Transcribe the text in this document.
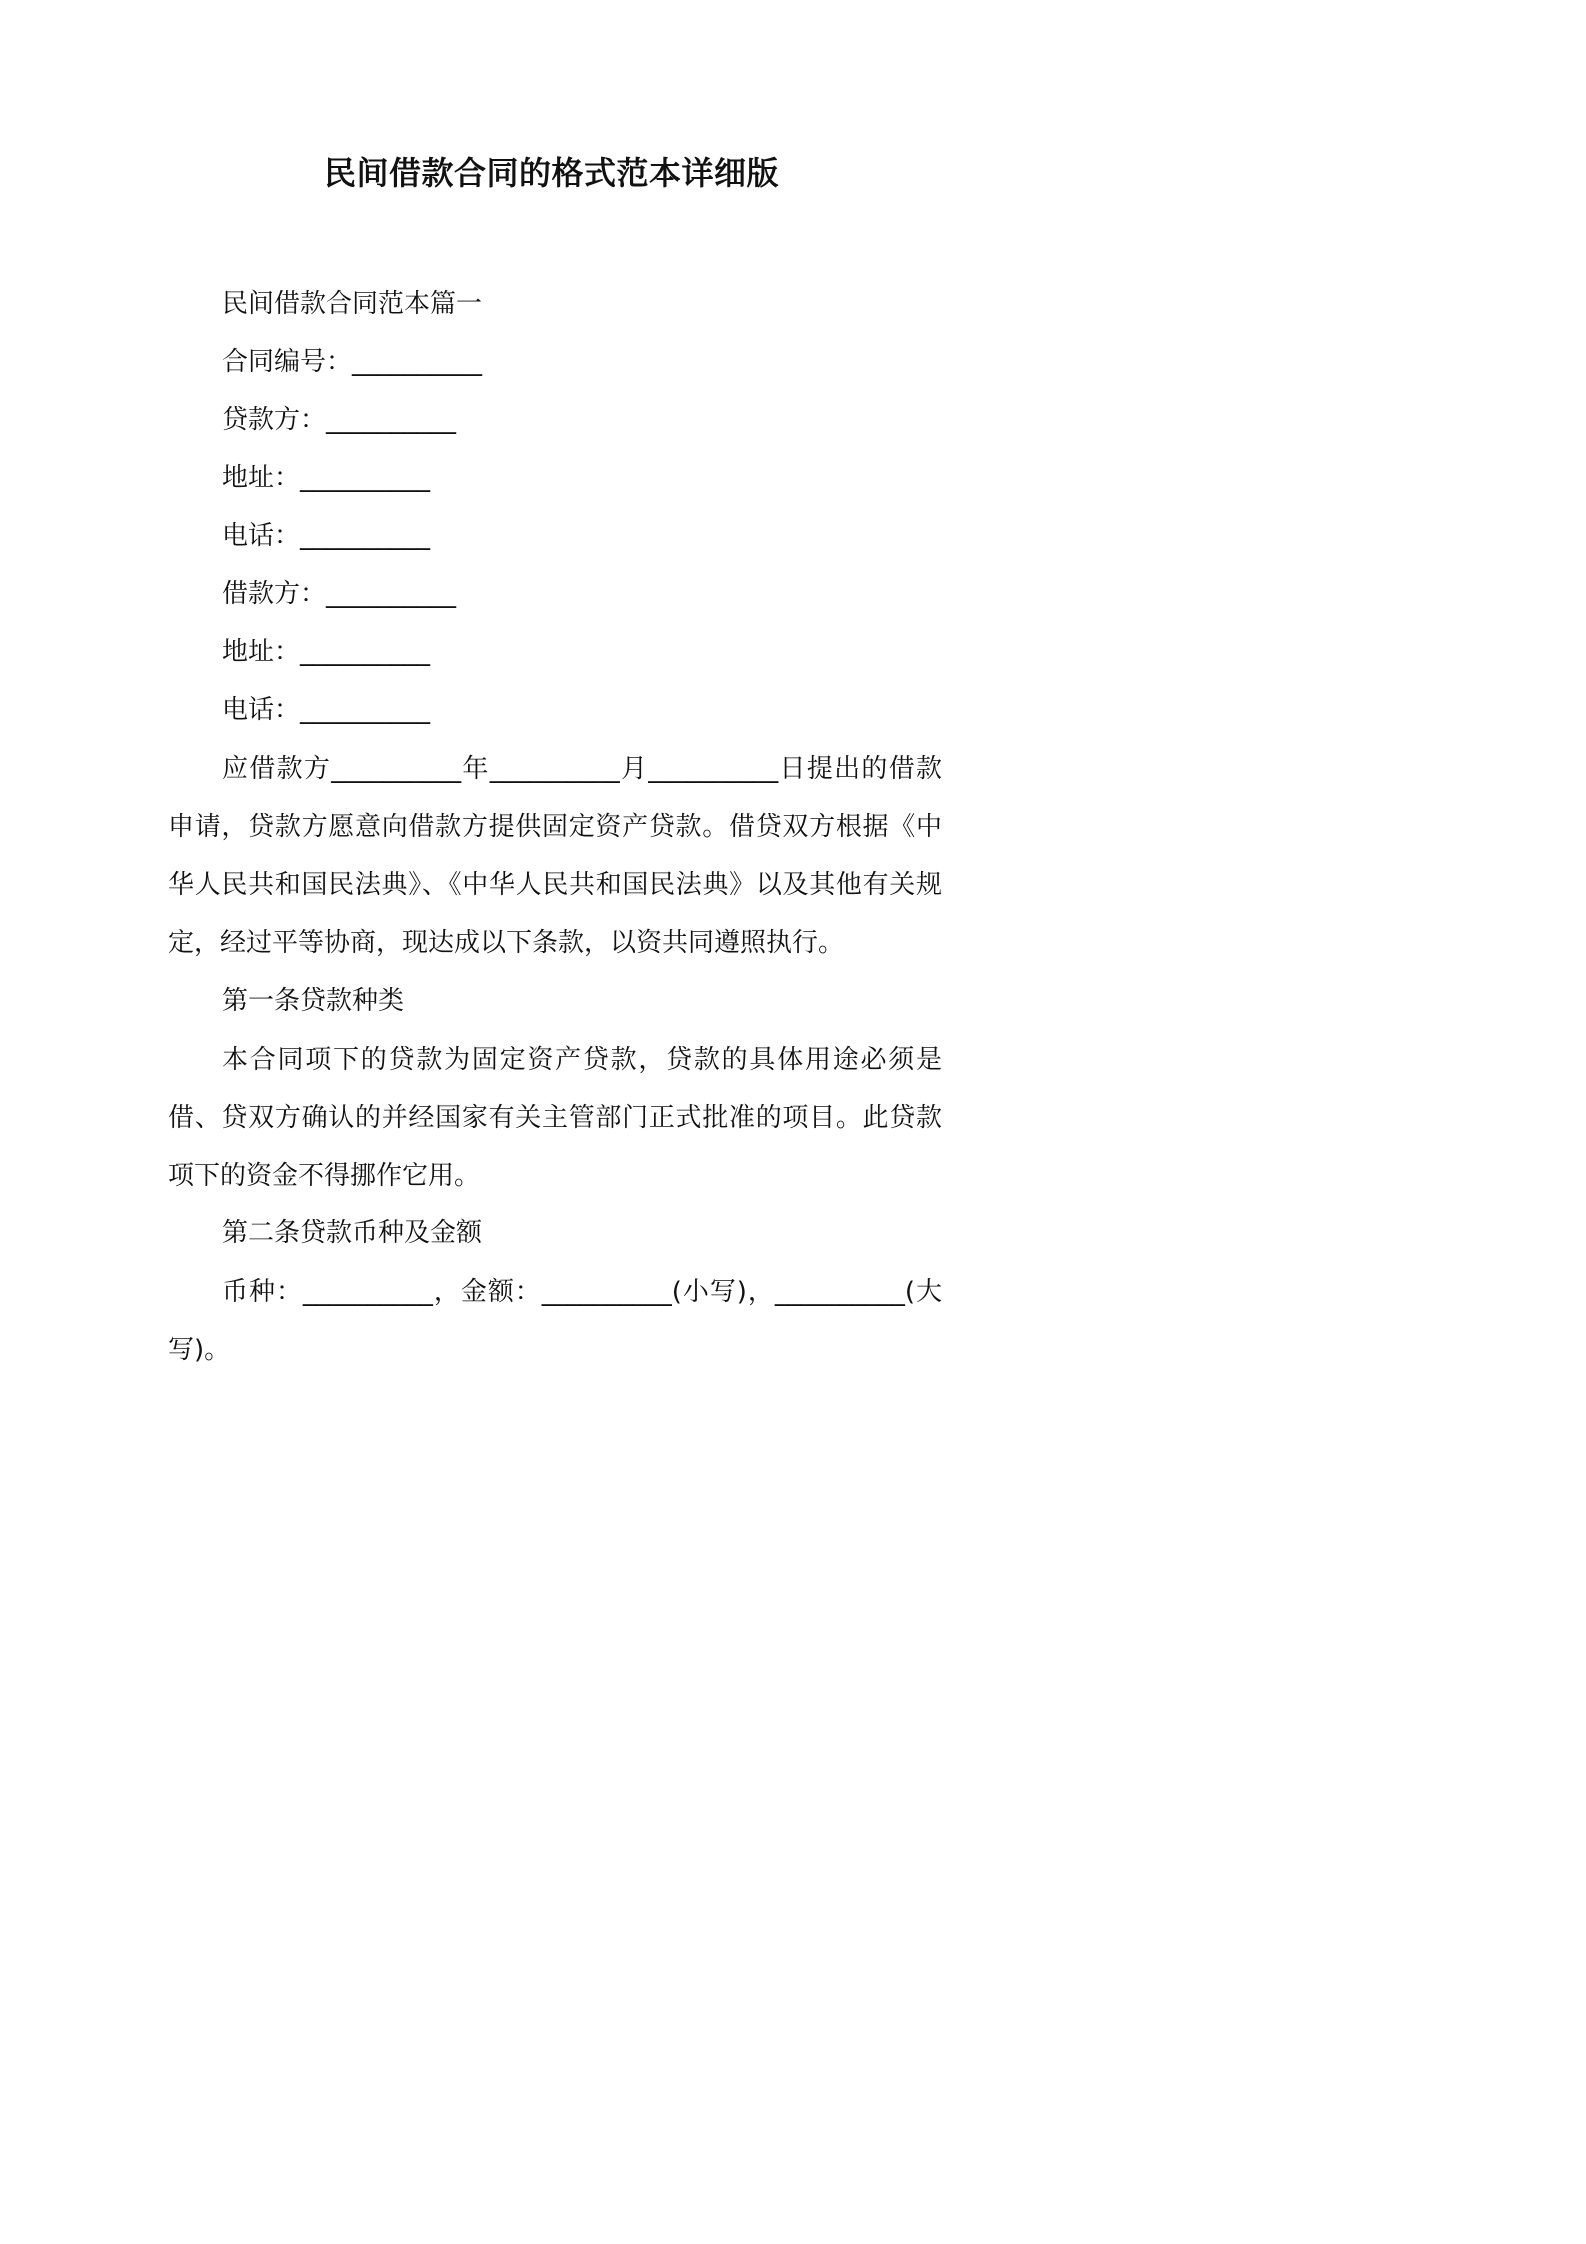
民间借款合同的格式范本详细版
民间借款合同范本篇一
合同编号：__________
贷款方：__________
地址：__________
电话：__________
借款方：__________
地址：__________
电话：__________
应借款方__________年__________月__________日提出的借款申请，贷款方愿意向借款方提供固定资产贷款。借贷双方根据《中华人民共和国民法典》、《中华人民共和国民法典》以及其他有关规定，经过平等协商，现达成以下条款，以资共同遵照执行。
第一条贷款种类
本合同项下的贷款为固定资产贷款，贷款的具体用途必须是借、贷双方确认的并经国家有关主管部门正式批准的项目。此贷款项下的资金不得挪作它用。
第二条贷款币种及金额
币种：__________，金额：__________(小写)，__________(大写)。
